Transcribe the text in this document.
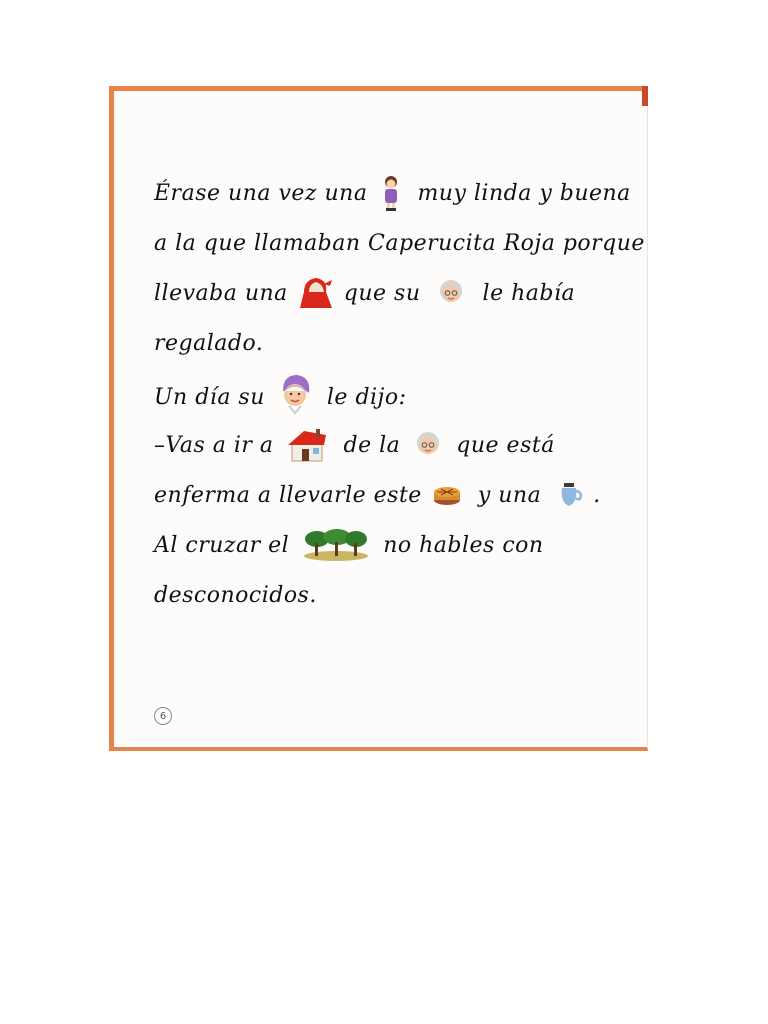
Érase una vez una muy linda y buena
a la que llamaban Caperucita Roja porque
llevaba una	que su	le había
regalado.
Un día su	le dijo:
–Vas a ir a	de la	que está
enferma a llevarle este	y una .
Al cruzar el	no hables con
desconocidos.
6
